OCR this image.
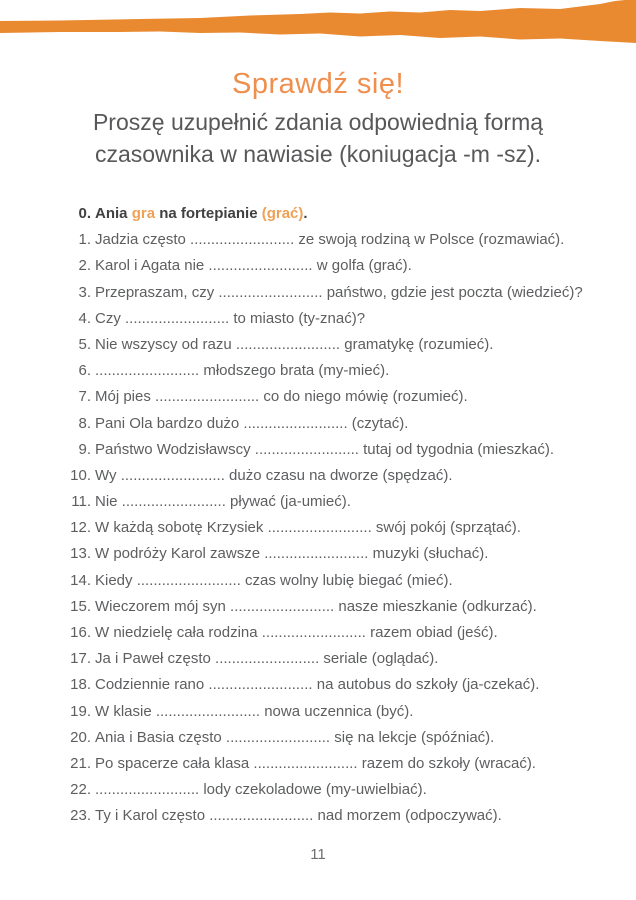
Sprawdź się!
Proszę uzupełnić zdania odpowiednią formą
czasownika w nawiasie (koniugacja -m -sz).
0. Ania gra na fortepianie (grać).
1. Jadzia często ......................... ze swoją rodziną w Polsce (rozmawiać).
2. Karol i Agata nie ......................... w golfa (grać).
3. Przepraszam, czy ......................... państwo, gdzie jest poczta (wiedzieć)?
4. Czy ......................... to miasto (ty-znać)?
5. Nie wszyscy od razu ......................... gramatykę (rozumieć).
6. ......................... młodszego brata (my-mieć).
7. Mój pies ......................... co do niego mówię (rozumieć).
8. Pani Ola bardzo dużo ......................... (czytać).
9. Państwo Wodzisławscy ......................... tutaj od tygodnia (mieszkać).
10. Wy ......................... dużo czasu na dworze (spędzać).
11. Nie ......................... pływać (ja-umieć).
12. W każdą sobotę Krzysiek ......................... swój pokój (sprzątać).
13. W podróży Karol zawsze ......................... muzyki (słuchać).
14. Kiedy ......................... czas wolny lubię biegać (mieć).
15. Wieczorem mój syn ......................... nasze mieszkanie (odkurzać).
16. W niedzielę cała rodzina ......................... razem obiad (jeść).
17. Ja i Paweł często ......................... seriale (oglądać).
18. Codziennie rano ......................... na autobus do szkoły (ja-czekać).
19. W klasie ......................... nowa uczennica (być).
20. Ania i Basia często ......................... się na lekcje (spóźniać).
21. Po spacerze cała klasa ......................... razem do szkoły (wracać).
22. ......................... lody czekoladowe (my-uwielbiać).
23. Ty i Karol często ......................... nad morzem (odpoczywać).
11
